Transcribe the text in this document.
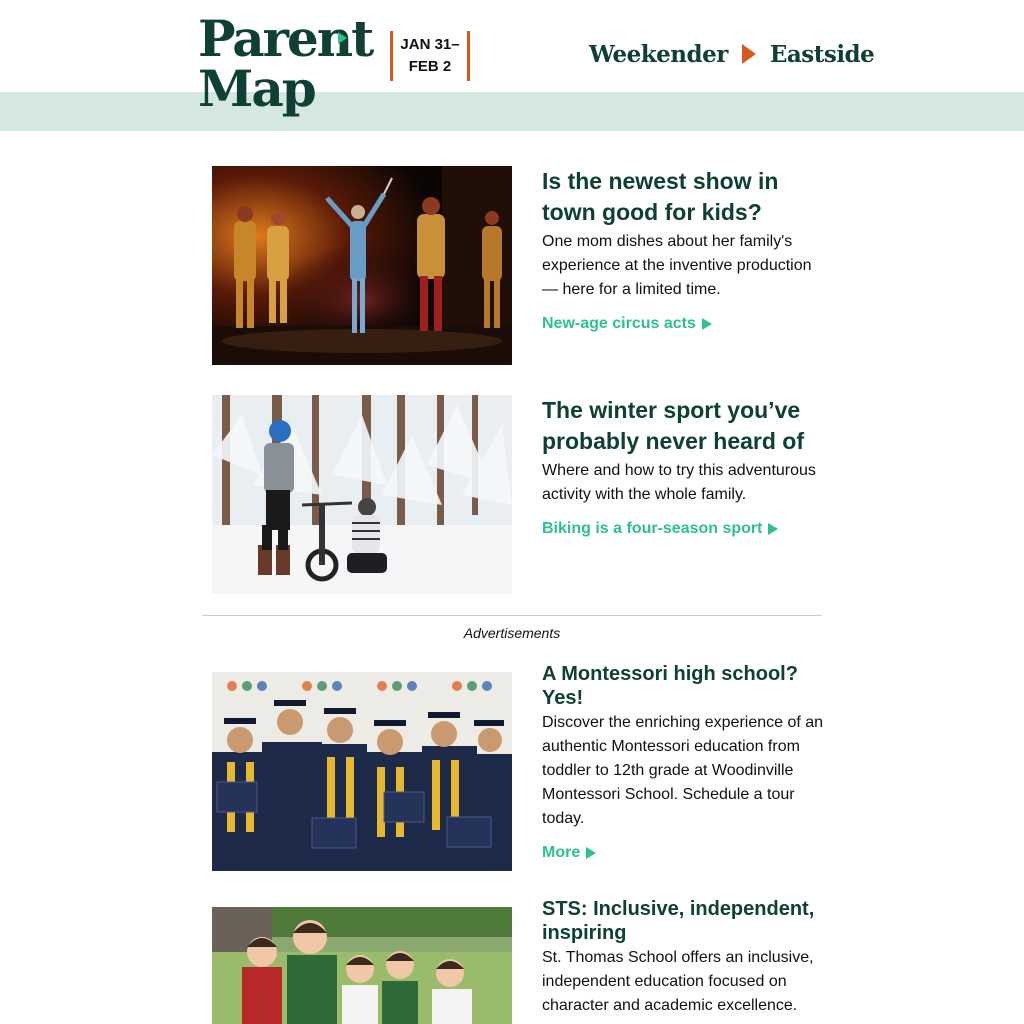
Parent
Map
JAN 31–
FEB 2	Weekender Eastside
Is the newest show in town good for kids?
One mom dishes about her family's experience at the inventive production — here for a limited time.
New-age circus acts
The winter sport you’ve probably never heard of
Where and how to try this adventurous activity with the whole family.
Biking is a four-season sport
Advertisements
A Montessori high school? Yes!
Discover the enriching experience of an authentic Montessori education from toddler to 12th grade at Woodinville Montessori School. Schedule a tour today.
More
STS: Inclusive, independent, inspiring
St. Thomas School offers an inclusive, independent education focused on character and academic excellence.
